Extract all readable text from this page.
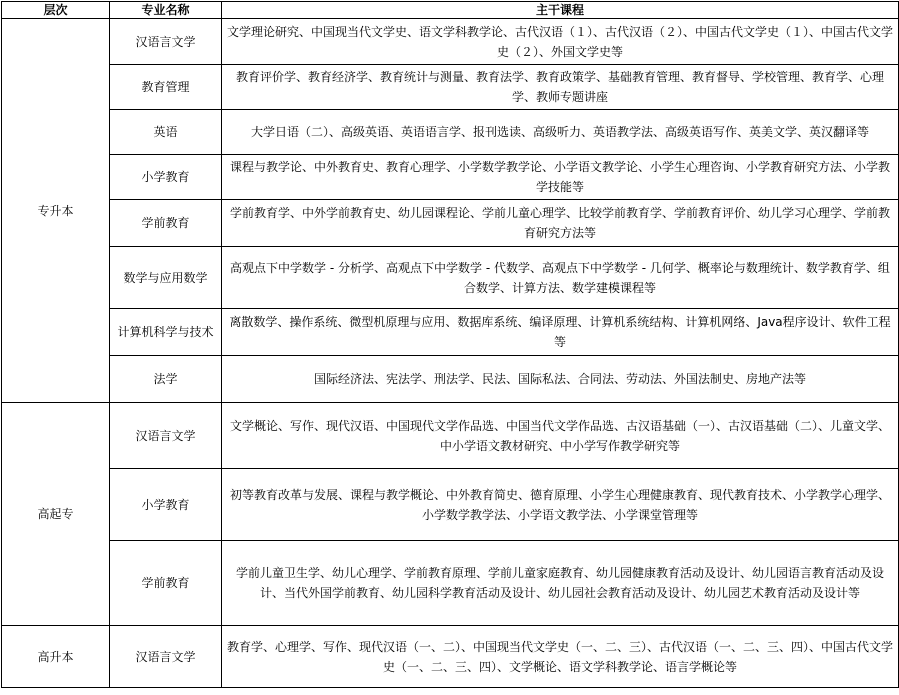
层次	专业名称	主干课程
专升本	汉语言文学	文学理论研究、中国现当代文学史、语文学科教学论、古代汉语（１）、古代汉语（２）、中国古代文学史（１）、中国古代文学史（２）、外国文学史等
	教育管理	教育评价学、教育经济学、教育统计与测量、教育法学、教育政策学、基础教育管理、教育督导、学校管理、教育学、心理学、教师专题讲座
	英语	大学日语（二）、高级英语、英语语言学、报刊选读、高级听力、英语教学法、高级英语写作、英美文学、英汉翻译等
	小学教育	课程与教学论、中外教育史、教育心理学、小学数学教学论、小学语文教学论、小学生心理咨询、小学教育研究方法、小学教学技能等
	学前教育	学前教育学、中外学前教育史、幼儿园课程论、学前儿童心理学、比较学前教育学、学前教育评价、幼儿学习心理学、学前教育研究方法等
	数学与应用数学	高观点下中学数学 - 分析学、高观点下中学数学 - 代数学、高观点下中学数学 - 几何学、概率论与数理统计、数学教育学、组合数学、计算方法、数学建模课程等
	计算机科学与技术	离散数学、操作系统、微型机原理与应用、数据库系统、编译原理、计算机系统结构、计算机网络、Java程序设计、软件工程等
	法学	国际经济法、宪法学、刑法学、民法、国际私法、合同法、劳动法、外国法制史、房地产法等
高起专	汉语言文学	文学概论、写作、现代汉语、中国现代文学作品选、中国当代文学作品选、古汉语基础（一）、古汉语基础（二）、儿童文学、中小学语文教材研究、中小学写作教学研究等
	小学教育	初等教育改革与发展、课程与教学概论、中外教育简史、德育原理、小学生心理健康教育、现代教育技术、小学教学心理学、小学数学教学法、小学语文教学法、小学课堂管理等
	学前教育	学前儿童卫生学、幼儿心理学、学前教育原理、学前儿童家庭教育、幼儿园健康教育活动及设计、幼儿园语言教育活动及设计、当代外国学前教育、幼儿园科学教育活动及设计、幼儿园社会教育活动及设计、幼儿园艺术教育活动及设计等
高升本	汉语言文学	教育学、心理学、写作、现代汉语（一、二）、中国现当代文学史（一、二、三）、古代汉语（一、二、三、四）、中国古代文学史（一、二、三、四）、文学概论、语文学科教学论、语言学概论等
